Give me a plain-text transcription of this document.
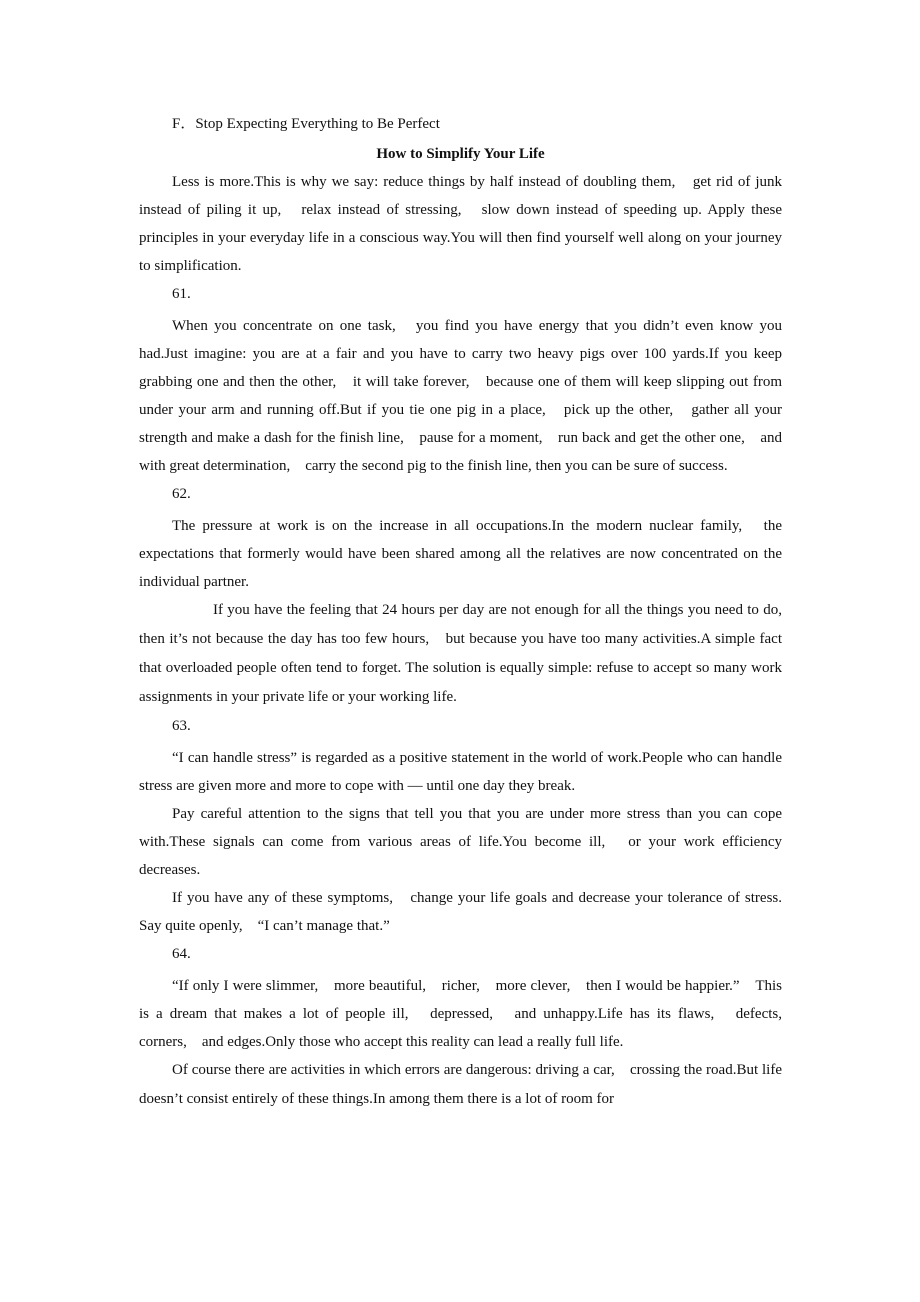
F．Stop Expecting Everything to Be Perfect

How to Simplify Your Life

Less is more.This is why we say: reduce things by half instead of doubling them,　get rid of junk instead of piling it up,　relax instead of stressing,　slow down instead of speeding up. Apply these principles in your everyday life in a conscious way.You will then find yourself well along on your journey to simplification.

61.

When you concentrate on one task,　you find you have energy that you didn’t even know you had.Just imagine: you are at a fair and you have to carry two heavy pigs over 100 yards.If you keep grabbing one and then the other,　it will take forever,　because one of them will keep slipping out from under your arm and running off.But if you tie one pig in a place,　pick up the other,　gather all your strength and make a dash for the finish line,　pause for a moment,　run back and get the other one,　and with great determination,　carry the second pig to the finish line, then you can be sure of success.

62.

The pressure at work is on the increase in all occupations.In the modern nuclear family,　the expectations that formerly would have been shared among all the relatives are now concentrated on the individual partner.

If you have the feeling that 24 hours per day are not enough for all the things you need to do,　then it’s not because the day has too few hours,　but because you have too many activities.A simple fact that overloaded people often tend to forget. The solution is equally simple: refuse to accept so many work assignments in your private life or your working life.

63.

“I can handle stress” is regarded as a positive statement in the world of work.People who can handle stress are given more and more to cope with — until one day they break.

Pay careful attention to the signs that tell you that you are under more stress than you can cope with.These signals can come from various areas of life.You become ill,　or your work efficiency decreases.

If you have any of these symptoms,　change your life goals and decrease your tolerance of stress. Say quite openly,　“I can’t manage that.”

64.

“If only I were slimmer,　more beautiful,　richer,　more clever,　then I would be happier.”　This is a dream that makes a lot of people ill,　depressed,　and unhappy.Life has its flaws,　defects,　corners,　and edges.Only those who accept this reality can lead a really full life.

Of course there are activities in which errors are dangerous: driving a car,　crossing the road.But life doesn’t consist entirely of these things.In among them there is a lot of room for
